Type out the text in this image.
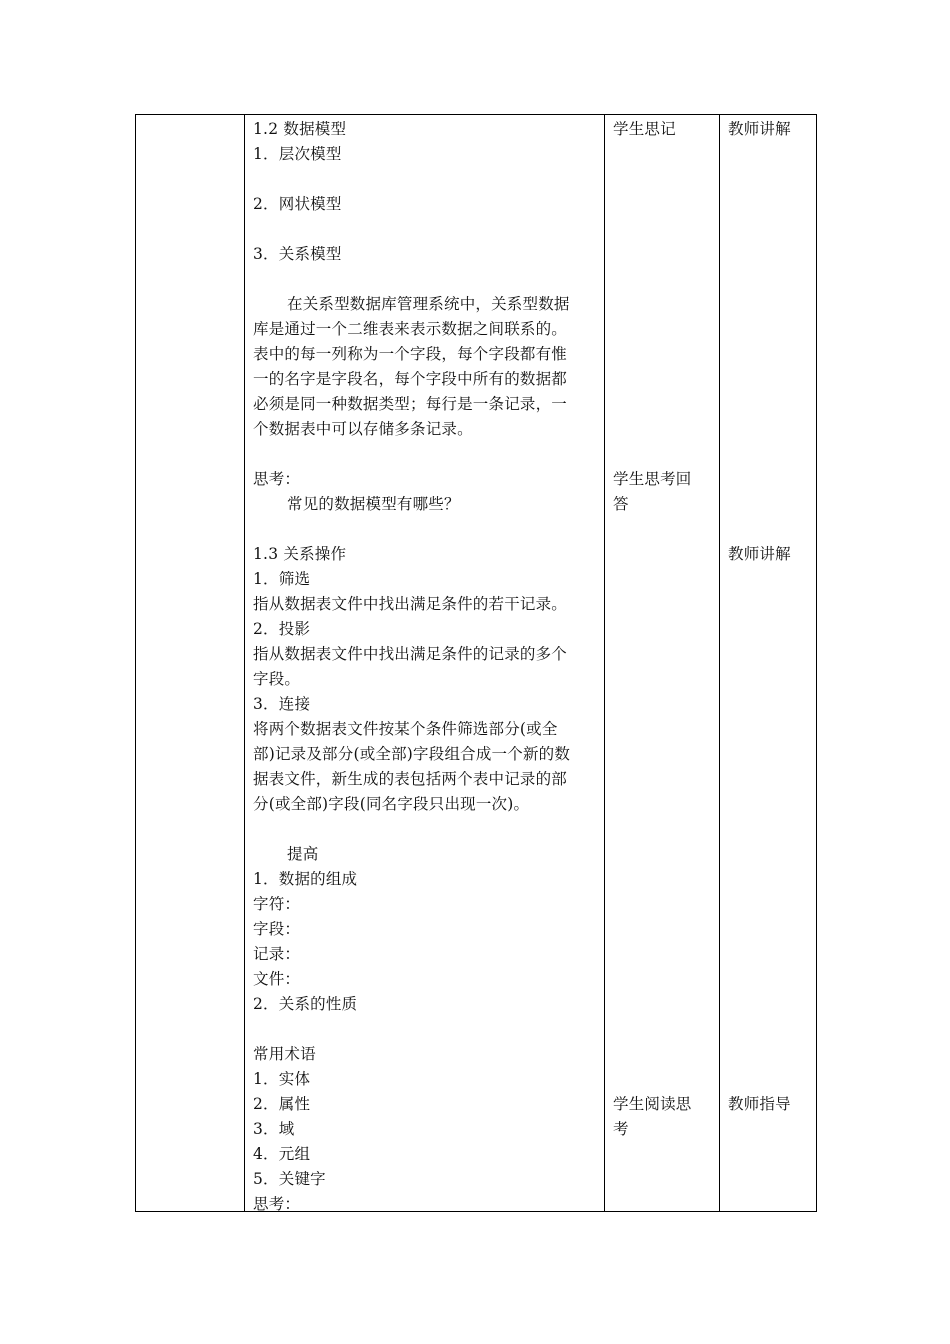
1.2 数据模型
1．层次模型
2．网状模型
3．关系模型
在关系型数据库管理系统中，关系型数据
库是通过一个二维表来表示数据之间联系的。
表中的每一列称为一个字段，每个字段都有惟
一的名字是字段名，每个字段中所有的数据都
必须是同一种数据类型；每行是一条记录，一
个数据表中可以存储多条记录。
思考：
常见的数据模型有哪些？
1.3 关系操作
1．筛选
指从数据表文件中找出满足条件的若干记录。
2．投影
指从数据表文件中找出满足条件的记录的多个
字段。
3．连接
将两个数据表文件按某个条件筛选部分(或全
部)记录及部分(或全部)字段组合成一个新的数
据表文件，新生成的表包括两个表中记录的部
分(或全部)字段(同名字段只出现一次)。
提高
1．数据的组成
字符：
字段：
记录：
文件：
2．关系的性质
常用术语
1．实体
2．属性
3．域
4．元组
5．关键字
思考：
学生思记
学生思考回
答
学生阅读思
考
教师讲解
教师讲解
教师指导
